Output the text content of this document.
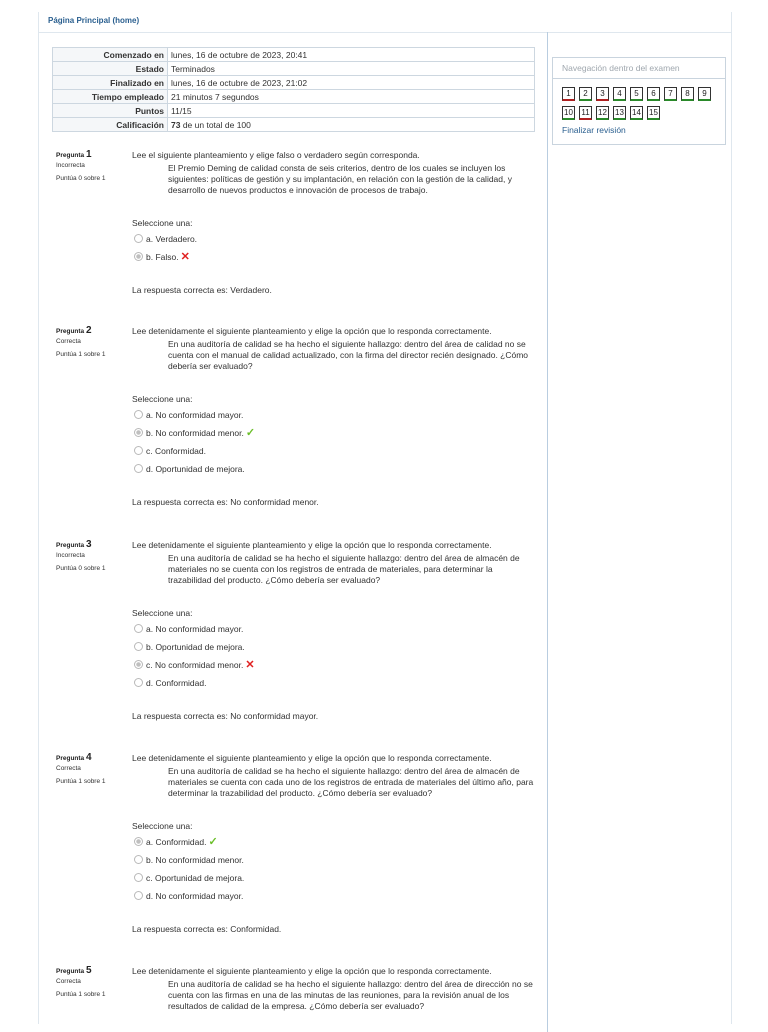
Página Principal (home)
Comenzado en	lunes, 16 de octubre de 2023, 20:41
Estado	Terminados
Finalizado en	lunes, 16 de octubre de 2023, 21:02
Tiempo empleado	21 minutos 7 segundos
Puntos	11/15
Calificación	73 de un total de 100
Navegación dentro del examen
1	2	3	4	5	6	7	8	9
10 11 12 13 14 15
Finalizar revisión
Pregunta 1
Incorrecta
Puntúa 0 sobre 1
Lee el siguiente planteamiento y elige falso o verdadero según corresponda.
El Premio Deming de calidad consta de seis criterios, dentro de los cuales se incluyen los siguientes: políticas de gestión y su implantación, en relación con la gestión de la calidad, y desarrollo de nuevos productos e innovación de procesos de trabajo.
Seleccione una:
a. Verdadero.
b. Falso. ✕
La respuesta correcta es: Verdadero.
Pregunta 2
Correcta
Puntúa 1 sobre 1
Lee detenidamente el siguiente planteamiento y elige la opción que lo responda correctamente.
En una auditoría de calidad se ha hecho el siguiente hallazgo: dentro del área de calidad no se cuenta con el manual de calidad actualizado, con la firma del director recién designado. ¿Cómo debería ser evaluado?
Seleccione una:
a. No conformidad mayor.
b. No conformidad menor. ✓
c. Conformidad.
d. Oportunidad de mejora.
La respuesta correcta es: No conformidad menor.
Pregunta 3
Incorrecta
Puntúa 0 sobre 1
Lee detenidamente el siguiente planteamiento y elige la opción que lo responda correctamente.
En una auditoría de calidad se ha hecho el siguiente hallazgo: dentro del área de almacén de materiales no se cuenta con los registros de entrada de materiales, para determinar la trazabilidad del producto. ¿Cómo debería ser evaluado?
Seleccione una:
a. No conformidad mayor.
b. Oportunidad de mejora.
c. No conformidad menor. ✕
d. Conformidad.
La respuesta correcta es: No conformidad mayor.
Pregunta 4
Correcta
Puntúa 1 sobre 1
Lee detenidamente el siguiente planteamiento y elige la opción que lo responda correctamente.
En una auditoría de calidad se ha hecho el siguiente hallazgo: dentro del área de almacén de materiales se cuenta con cada uno de los registros de entrada de materiales del último año, para determinar la trazabilidad del producto. ¿Cómo debería ser evaluado?
Seleccione una:
a. Conformidad. ✓
b. No conformidad menor.
c. Oportunidad de mejora.
d. No conformidad mayor.
La respuesta correcta es: Conformidad.
Pregunta 5
Correcta
Puntúa 1 sobre 1
Lee detenidamente el siguiente planteamiento y elige la opción que lo responda correctamente.
En una auditoría de calidad se ha hecho el siguiente hallazgo: dentro del área de dirección no se cuenta con las firmas en una de las minutas de las reuniones, para la revisión anual de los resultados de calidad de la empresa. ¿Cómo debería ser evaluado?
